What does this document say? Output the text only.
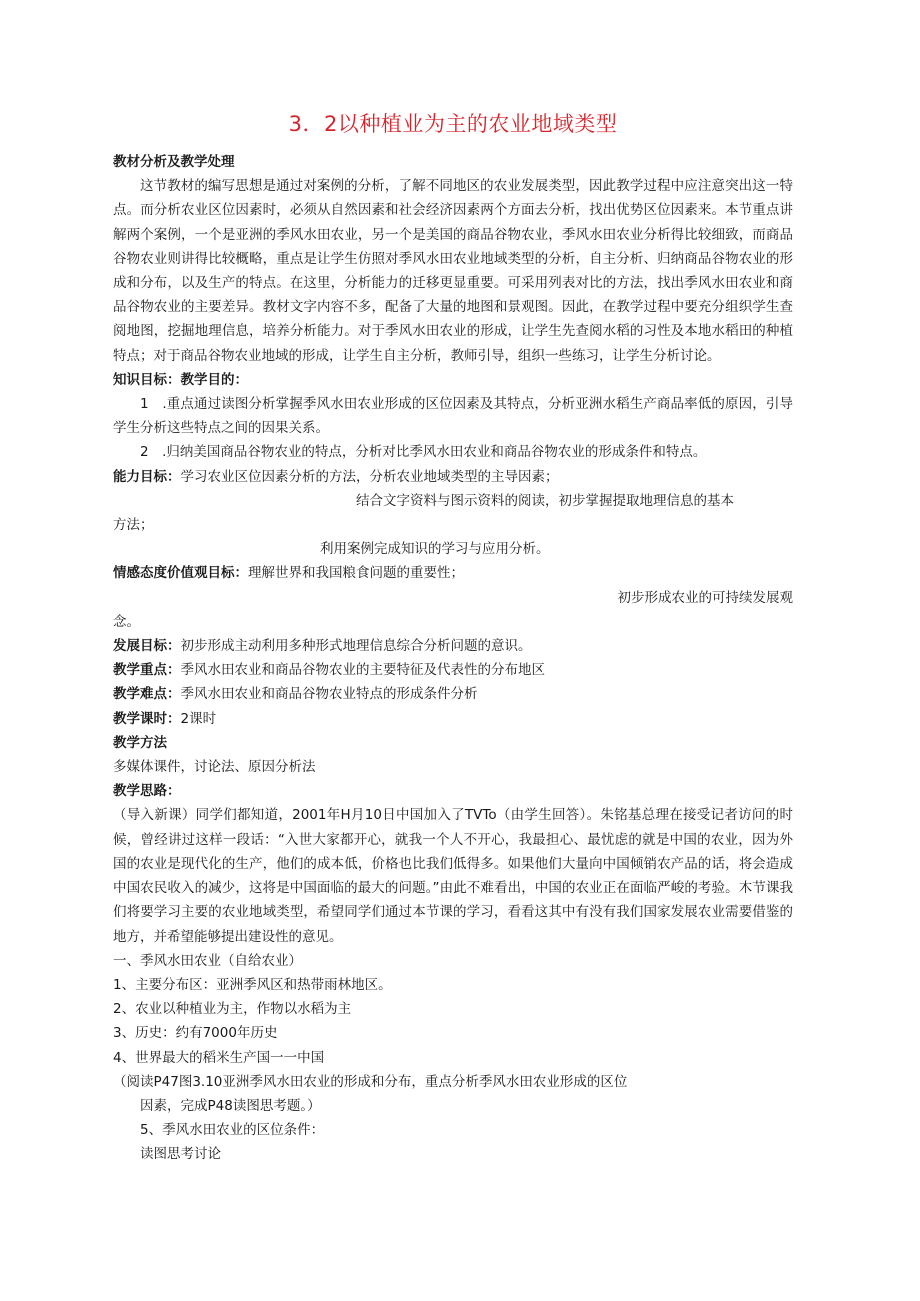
3．2以种植业为主的农业地域类型

教材分析及教学处理

这节教材的编写思想是通过对案例的分析，了解不同地区的农业发展类型，因此教学过程中应注意突出这一特点。而分析农业区位因素时，必须从自然因素和社会经济因素两个方面去分析，找出优势区位因素来。本节重点讲解两个案例，一个是亚洲的季风水田农业，另一个是美国的商品谷物农业，季风水田农业分析得比较细致，而商品谷物农业则讲得比较概略，重点是让学生仿照对季风水田农业地域类型的分析，自主分析、归纳商品谷物农业的形成和分布，以及生产的特点。在这里，分析能力的迁移更显重要。可采用列表对比的方法，找出季风水田农业和商品谷物农业的主要差异。教材文字内容不多，配备了大量的地图和景观图。因此，在教学过程中要充分组织学生查阅地图，挖掘地理信息，培养分析能力。对于季风水田农业的形成，让学生先查阅水稻的习性及本地水稻田的种植特点；对于商品谷物农业地域的形成，让学生自主分析，教师引导，组织一些练习，让学生分析讨论。

知识目标：教学目的：

1　.重点通过读图分析掌握季风水田农业形成的区位因素及其特点，分析亚洲水稻生产商品率低的原因，引导学生分析这些特点之间的因果关系。

2　.归纳美国商品谷物农业的特点，分析对比季风水田农业和商品谷物农业的形成条件和特点。

能力目标：学习农业区位因素分析的方法，分析农业地域类型的主导因素；

结合文字资料与图示资料的阅读，初步掌握提取地理信息的基本

方法；

利用案例完成知识的学习与应用分析。

情感态度价值观目标：理解世界和我国粮食问题的重要性；

初步形成农业的可持续发展观

念。

发展目标：初步形成主动利用多种形式地理信息综合分析问题的意识。

教学重点：季风水田农业和商品谷物农业的主要特征及代表性的分布地区

教学难点：季风水田农业和商品谷物农业特点的形成条件分析

教学课时：2课时

教学方法

多媒体课件，讨论法、原因分析法

教学思路：

（导入新课）同学们都知道，2001年H月10日中国加入了TVTo（由学生回答）。朱铭基总理在接受记者访问的时候，曾经讲过这样一段话：“入世大家都开心，就我一个人不开心，我最担心、最忧虑的就是中国的农业，因为外国的农业是现代化的生产，他们的成本低，价格也比我们低得多。如果他们大量向中国倾销农产品的话，将会造成中国农民收入的减少，这将是中国面临的最大的问题。”由此不难看出，中国的农业正在面临严峻的考验。木节课我们将要学习主要的农业地域类型，希望同学们通过本节课的学习，看看这其中有没有我们国家发展农业需要借鉴的地方，并希望能够提出建设性的意见。

一、季风水田农业（自给农业）

1、主要分布区：亚洲季风区和热带雨林地区。

2、农业以种植业为主，作物以水稻为主

3、历史：约有7000年历史

4、世界最大的稻米生产国一一中国

（阅读P47图3.10亚洲季风水田农业的形成和分布，重点分析季风水田农业形成的区位

因素，完成P48读图思考题。）

5、季风水田农业的区位条件：

读图思考讨论
